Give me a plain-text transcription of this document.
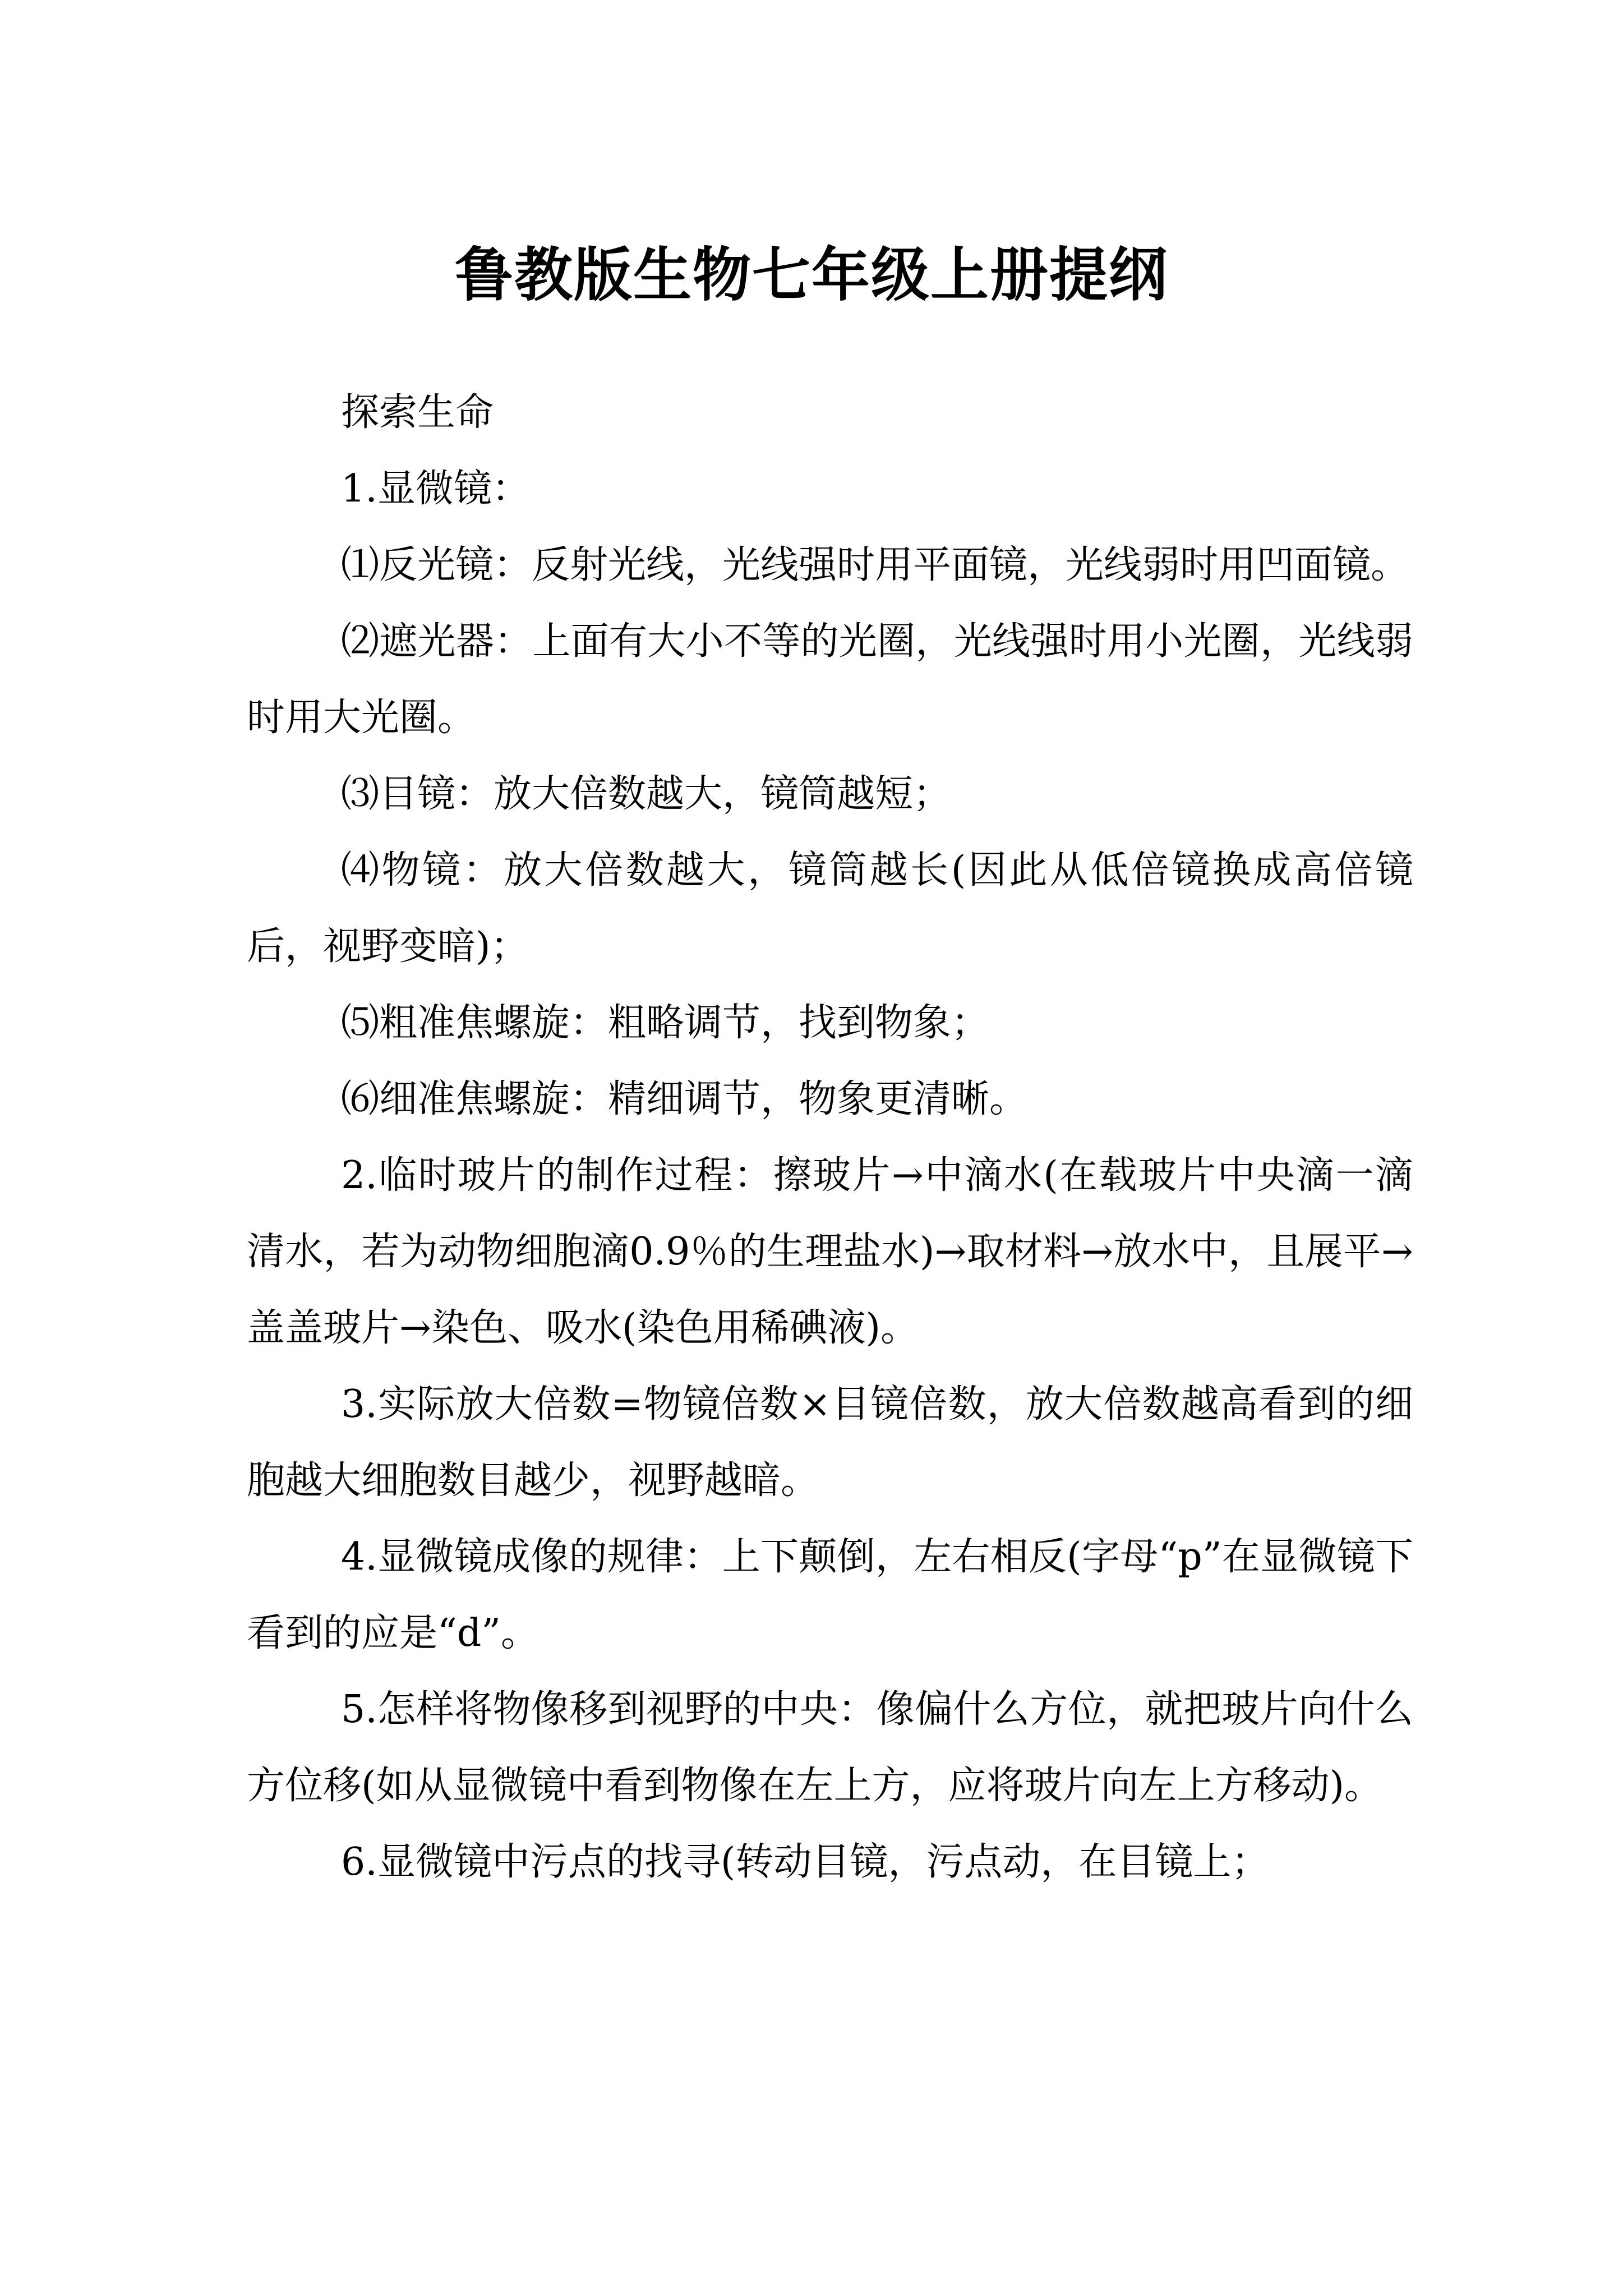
鲁教版生物七年级上册提纲

探索生命

1.显微镜：

⑴反光镜：反射光线，光线强时用平面镜，光线弱时用凹面镜。

⑵遮光器：上面有大小不等的光圈，光线强时用小光圈，光线弱时用大光圈。

⑶目镜：放大倍数越大，镜筒越短；

⑷物镜：放大倍数越大，镜筒越长(因此从低倍镜换成高倍镜后，视野变暗)；

⑸粗准焦螺旋：粗略调节，找到物象；

⑹细准焦螺旋：精细调节，物象更清晰。

2.临时玻片的制作过程：擦玻片→中滴水(在载玻片中央滴一滴清水，若为动物细胞滴0.9％的生理盐水)→取材料→放水中，且展平→盖盖玻片→染色、吸水(染色用稀碘液)。

3.实际放大倍数=物镜倍数×目镜倍数，放大倍数越高看到的细胞越大细胞数目越少，视野越暗。

4.显微镜成像的规律：上下颠倒，左右相反(字母“p”在显微镜下看到的应是“d”。

5.怎样将物像移到视野的中央：像偏什么方位，就把玻片向什么方位移(如从显微镜中看到物像在左上方，应将玻片向左上方移动)。

6.显微镜中污点的找寻(转动目镜，污点动，在目镜上；
